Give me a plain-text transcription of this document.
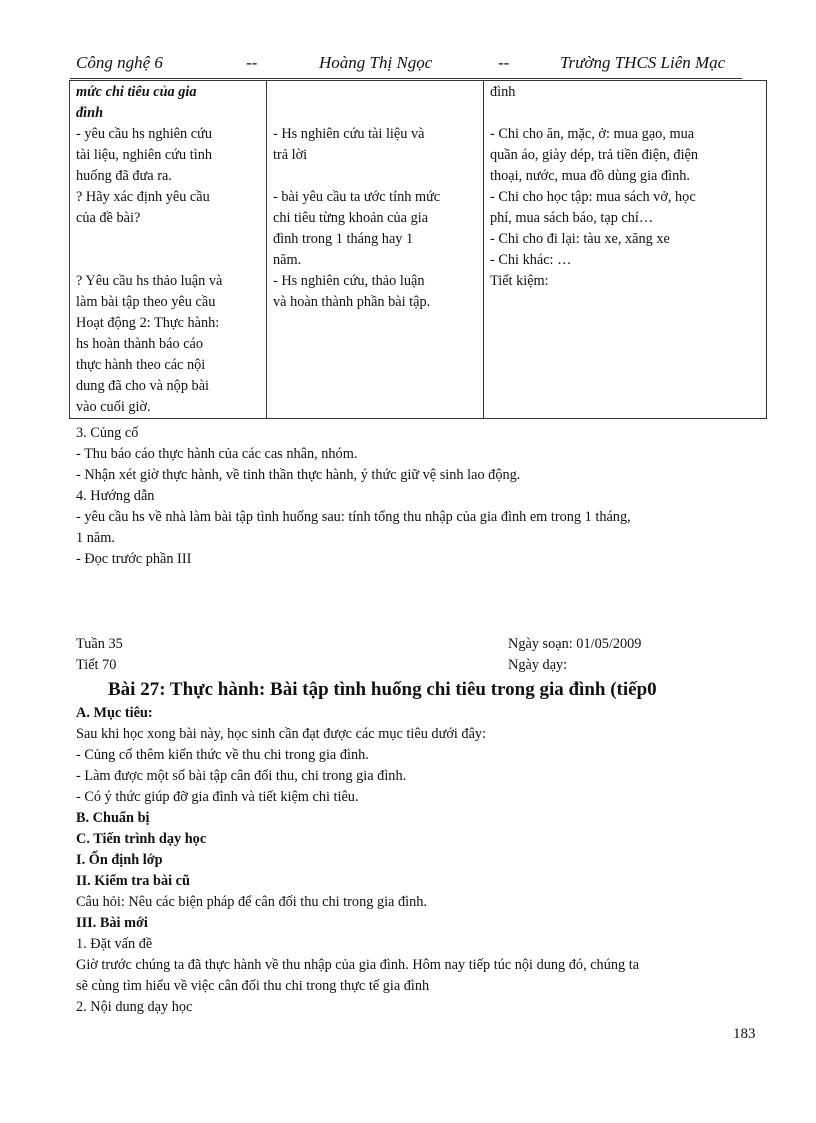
Công nghệ 6	--	Hoàng Thị Ngọc	--	Trường THCS Liên Mạc
mức chi tiêu của gia
đình
- yêu cầu hs nghiên cứu
tài liệu, nghiên cứu tình
huống đã đưa ra.
? Hãy xác định yêu cầu
của đề bài?
? Yêu cầu hs thảo luận và
làm bài tập theo yêu cầu
Hoạt động 2: Thực hành:
hs hoàn thành báo cáo
thực hành theo các nội
dung đã cho và nộp bài
vào cuối giờ.

- Hs nghiên cứu tài liệu và
trả lời
- bài yêu cầu ta ước tính mức
chi tiêu từng khoản của gia
đình trong 1 tháng hay 1
năm.
- Hs nghiên cứu, thảo luận
và hoàn thành phần bài tập.

đình
- Chi cho ăn, mặc, ở: mua gạo, mua
quần áo, giày dép, trả tiền điện, điện
thoại, nước, mua đồ dùng gia đình.
- Chi cho học tập: mua sách vở, học
phí, mua sách báo, tạp chí…
- Chi cho đi lại: tàu xe, xăng xe
- Chi khác: …
Tiết kiệm:
3. Củng cố
- Thu báo cáo thực hành của các cas nhân, nhóm.
- Nhận xét giờ thực hành, về tinh thần thực hành, ý thức giữ vệ sinh lao động.
4. Hướng dẫn
- yêu cầu hs về nhà làm bài tập tình huống sau: tính tổng thu nhập của gia đình em trong 1 tháng,
1 năm.
- Đọc trước phần III
Tuần 35
Tiết 70
Ngày soạn: 01/05/2009
Ngày dạy:
Bài 27: Thực hành: Bài tập tình huống chi tiêu trong gia đình (tiếp0
A. Mục tiêu:
Sau khi học xong bài này, học sinh cần đạt được các mục tiêu dưới đây:
- Củng cố thêm kiến thức về thu chi trong gia đình.
- Làm được một số bài tập cân đối thu, chi trong gia đình.
- Có ý thức giúp đỡ gia đình và tiết kiệm chi tiêu.
B. Chuẩn bị
C. Tiến trình dạy học
I. Ổn định lớp
II. Kiểm tra bài cũ
Câu hỏi: Nêu các biện pháp để cân đối thu chi trong gia đình.
III. Bài mới
1. Đặt vấn đề
Giờ trước chúng ta đã thực hành về thu nhập của gia đình. Hôm nay tiếp túc nội dung đó, chúng ta
sẽ cùng tìm hiểu về việc cân đối thu chi trong thực tế gia đình
2. Nội dung dạy học
183
